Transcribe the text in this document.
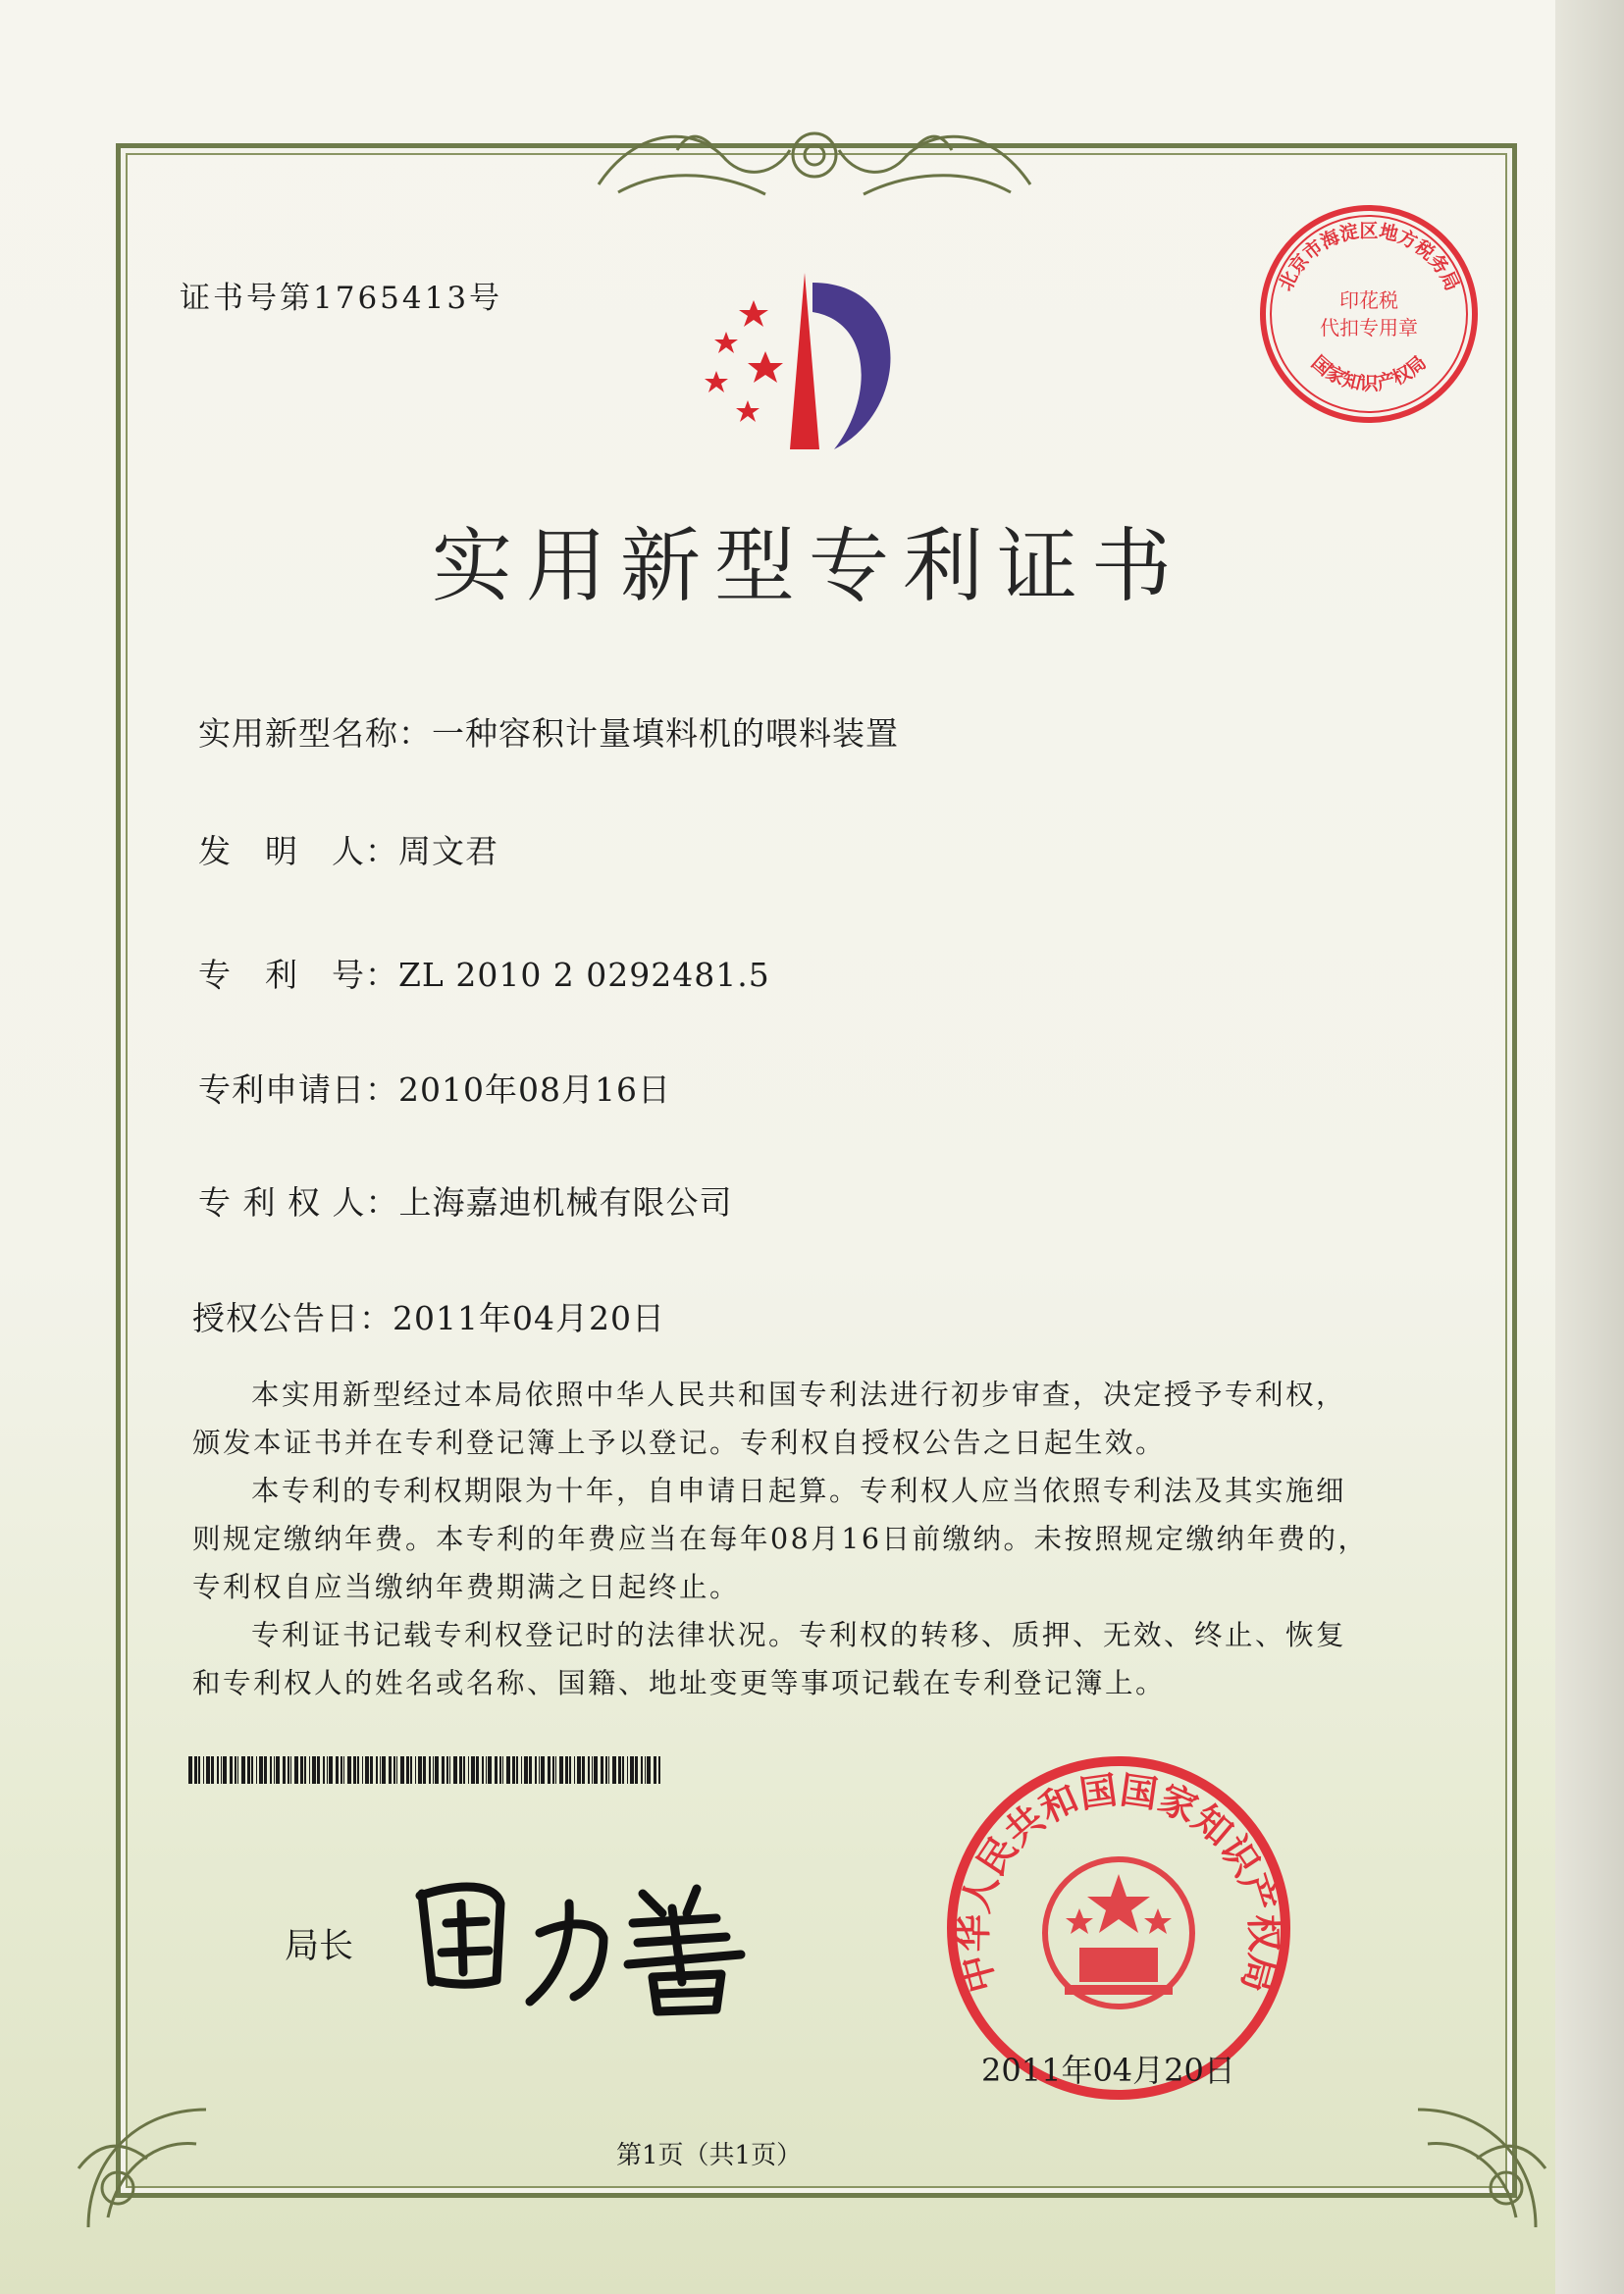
证书号第1765413号
实用新型专利证书
实用新型名称：一种容积计量填料机的喂料装置
发　明　人：周文君
专　利　号：ZL 2010 2 0292481.5
专利申请日：2010年08月16日
专 利 权 人：上海嘉迪机械有限公司
授权公告日：2011年04月20日

本实用新型经过本局依照中华人民共和国专利法进行初步审查，决定授予专利权，颁发本证书并在专利登记簿上予以登记。专利权自授权公告之日起生效。

本专利的专利权期限为十年，自申请日起算。专利权人应当依照专利法及其实施细则规定缴纳年费。本专利的年费应当在每年08月16日前缴纳。未按照规定缴纳年费的，专利权自应当缴纳年费期满之日起终止。

专利证书记载专利权登记时的法律状况。专利权的转移、质押、无效、终止、恢复和专利权人的姓名或名称、国籍、地址变更等事项记载在专利登记簿上。

局长
中华人民共和国国家知识产权局
2011年04月20日
北京市海淀区地方税务局
国家知识产权局
印花税
代扣专用章
第1页（共1页）
